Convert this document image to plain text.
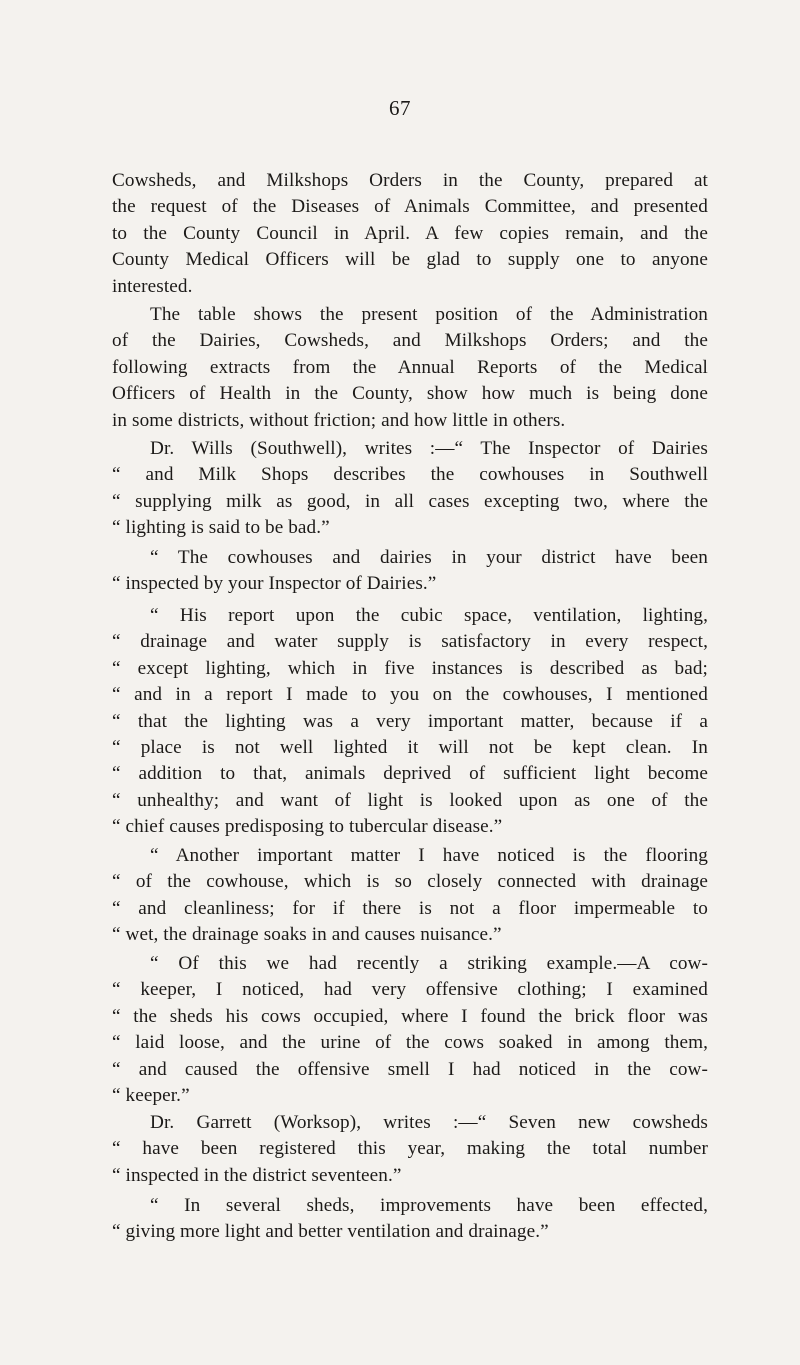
67
Cowsheds, and Milkshops Orders in the County, prepared at
the request of the Diseases of Animals Committee, and presented
to the County Council in April. A few copies remain, and the
County Medical Officers will be glad to supply one to anyone
interested.
The table shows the present position of the Administration
of the Dairies, Cowsheds, and Milkshops Orders; and the
following extracts from the Annual Reports of the Medical
Officers of Health in the County, show how much is being done
in some districts, without friction; and how little in others.
Dr. Wills (Southwell), writes :—“ The Inspector of Dairies
“ and Milk Shops describes the cowhouses in Southwell
“ supplying milk as good, in all cases excepting two, where the
“ lighting is said to be bad.”
“ The cowhouses and dairies in your district have been
“ inspected by your Inspector of Dairies.”
“ His report upon the cubic space, ventilation, lighting,
“ drainage and water supply is satisfactory in every respect,
“ except lighting, which in five instances is described as bad;
“ and in a report I made to you on the cowhouses, I mentioned
“ that the lighting was a very important matter, because if a
“ place is not well lighted it will not be kept clean. In
“ addition to that, animals deprived of sufficient light become
“ unhealthy; and want of light is looked upon as one of the
“ chief causes predisposing to tubercular disease.”
“ Another important matter I have noticed is the flooring
“ of the cowhouse, which is so closely connected with drainage
“ and cleanliness; for if there is not a floor impermeable to
“ wet, the drainage soaks in and causes nuisance.”
“ Of this we had recently a striking example.—A cow-
“ keeper, I noticed, had very offensive clothing; I examined
“ the sheds his cows occupied, where I found the brick floor was
“ laid loose, and the urine of the cows soaked in among them,
“ and caused the offensive smell I had noticed in the cow-
“ keeper.”
Dr. Garrett (Worksop), writes :—“ Seven new cowsheds
“ have been registered this year, making the total number
“ inspected in the district seventeen.”
“ In several sheds, improvements have been effected,
“ giving more light and better ventilation and drainage.”
